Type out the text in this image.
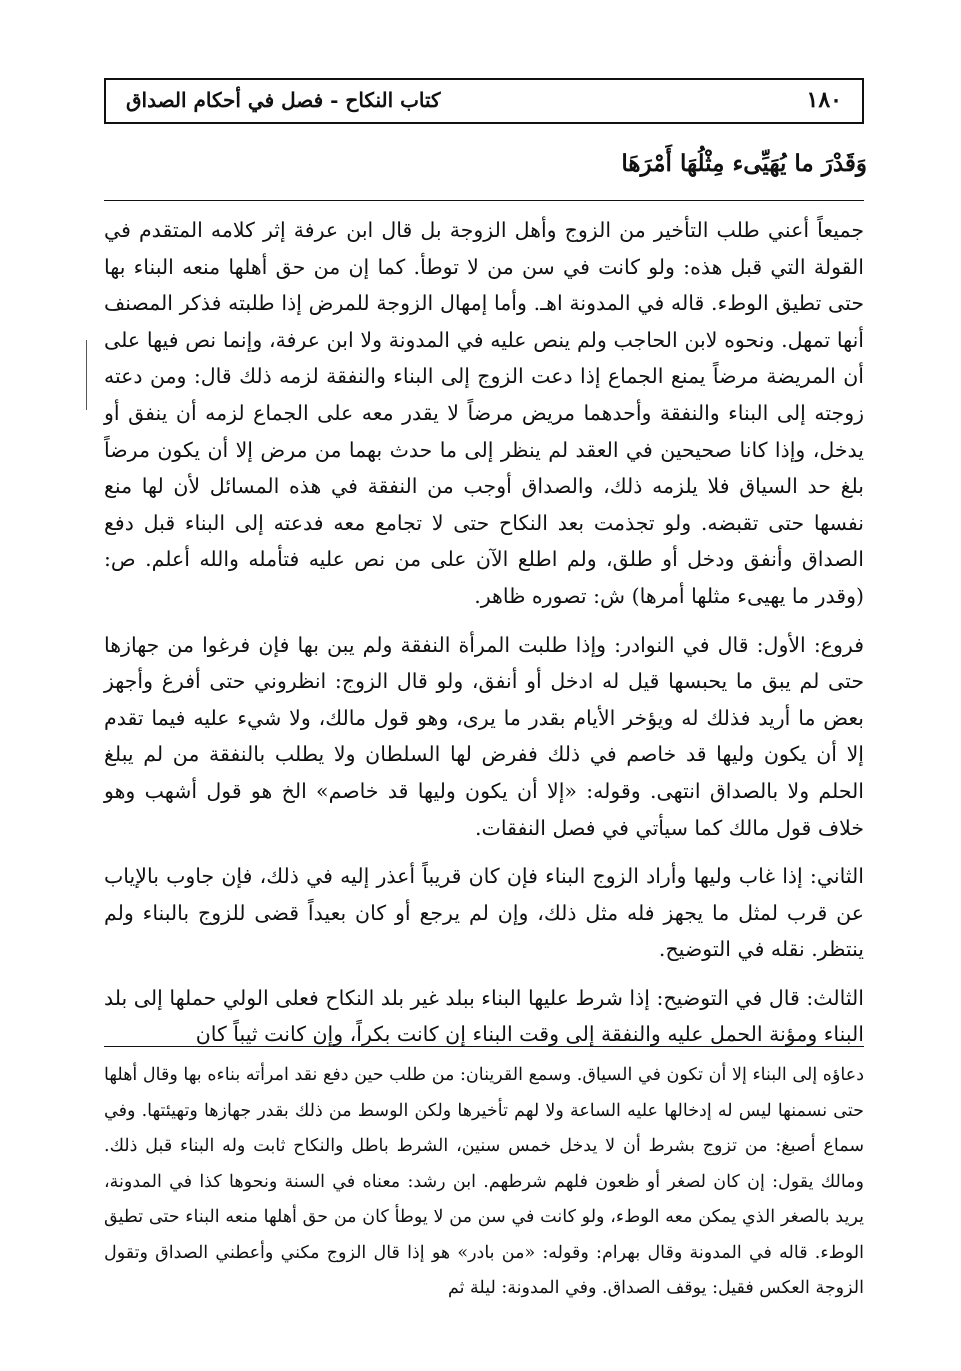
١٨٠
كتاب النكاح - فصل في أحكام الصداق
وَقَدْرَ ما يُهَيِّىء مِثْلُهَا أَمْرَهَا

جميعاً أعني طلب التأخير من الزوج وأهل الزوجة بل قال ابن عرفة إثر كلامه المتقدم في القولة التي قبل هذه: ولو كانت في سن من لا توطأ. كما إن من حق أهلها منعه البناء بها حتى تطيق الوطء. قاله في المدونة اهـ. وأما إمهال الزوجة للمرض إذا طلبته فذكر المصنف أنها تمهل. ونحوه لابن الحاجب ولم ينص عليه في المدونة ولا ابن عرفة، وإنما نص فيها على أن المريضة مرضاً يمنع الجماع إذا دعت الزوج إلى البناء والنفقة لزمه ذلك قال: ومن دعته زوجته إلى البناء والنفقة وأحدهما مريض مرضاً لا يقدر معه على الجماع لزمه أن ينفق أو يدخل، وإذا كانا صحيحين في العقد لم ينظر إلى ما حدث بهما من مرض إلا أن يكون مرضاً بلغ حد السياق فلا يلزمه ذلك، والصداق أوجب من النفقة في هذه المسائل لأن لها منع نفسها حتى تقبضه. ولو تجذمت بعد النكاح حتى لا تجامع معه فدعته إلى البناء قبل دفع الصداق وأنفق ودخل أو طلق، ولم اطلع الآن على من نص عليه فتأمله والله أعلم. ص: (وقدر ما يهيىء مثلها أمرها) ش: تصوره ظاهر.

فروع: الأول: قال في النوادر: وإذا طلبت المرأة النفقة ولم يبن بها فإن فرغوا من جهازها حتى لم يبق ما يحبسها قيل له ادخل أو أنفق، ولو قال الزوج: انظروني حتى أفرغ وأجهز بعض ما أريد فذلك له ويؤخر الأيام بقدر ما يرى، وهو قول مالك، ولا شيء عليه فيما تقدم إلا أن يكون وليها قد خاصم في ذلك ففرض لها السلطان ولا يطلب بالنفقة من لم يبلغ الحلم ولا بالصداق انتهى. وقوله: «إلا أن يكون وليها قد خاصم» الخ هو قول أشهب وهو خلاف قول مالك كما سيأتي في فصل النفقات.

الثاني: إذا غاب وليها وأراد الزوج البناء فإن كان قريباً أعذر إليه في ذلك، فإن جاوب بالإياب عن قرب لمثل ما يجهز فله مثل ذلك، وإن لم يرجع أو كان بعيداً قضى للزوج بالبناء ولم ينتظر. نقله في التوضيح.

الثالث: قال في التوضيح: إذا شرط عليها البناء ببلد غير بلد النكاح فعلى الولي حملها إلى بلد البناء ومؤنة الحمل عليه والنفقة إلى وقت البناء إن كانت بكراً، وإن كانت ثيباً كان

دعاؤه إلى البناء إلا أن تكون في السياق. وسمع القرينان: من طلب حين دفع نقد امرأته بناءه بها وقال أهلها حتى نسمنها ليس له إدخالها عليه الساعة ولا لهم تأخيرها ولكن الوسط من ذلك بقدر جهازها وتهيئتها. وفي سماع أصبغ: من تزوج بشرط أن لا يدخل خمس سنين، الشرط باطل والنكاح ثابت وله البناء قبل ذلك. ومالك يقول: إن كان لصغر أو ظعون فلهم شرطهم. ابن رشد: معناه في السنة ونحوها كذا في المدونة، يريد بالصغر الذي يمكن معه الوطء، ولو كانت في سن من لا يوطأ كان من حق أهلها منعه البناء حتى تطيق الوطء. قاله في المدونة وقال بهرام: وقوله: «من بادر» هو إذا قال الزوج مكني وأعطني الصداق وتقول الزوجة العكس فقيل: يوقف الصداق. وفي المدونة: ليلة ثم
